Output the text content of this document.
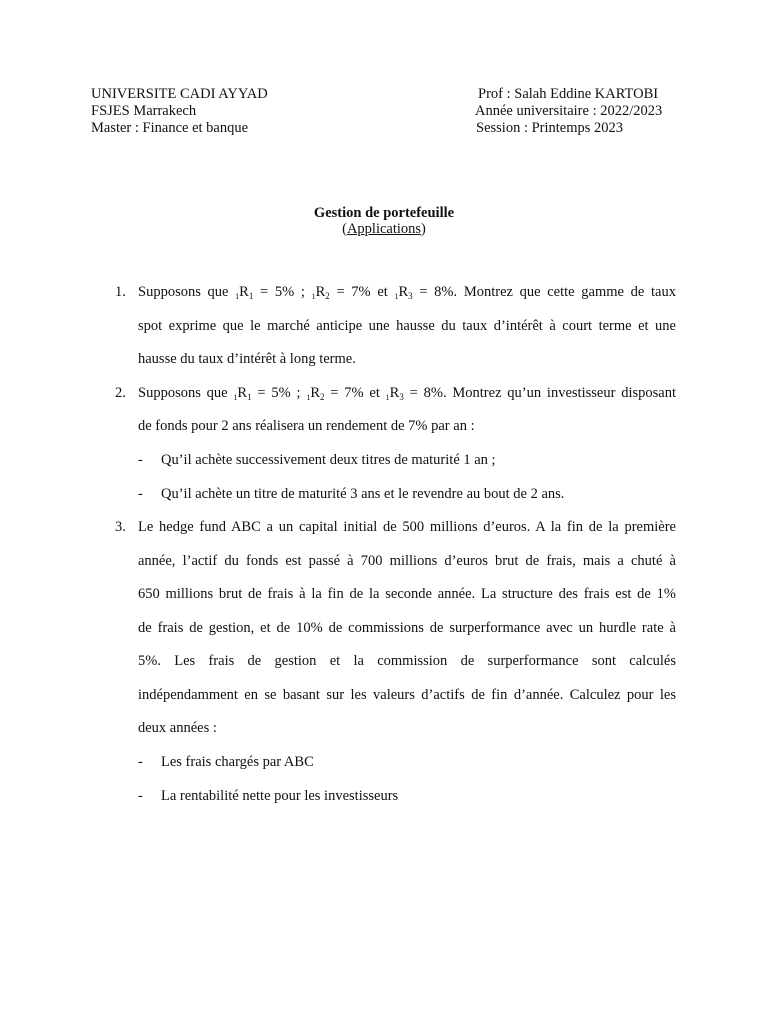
UNIVERSITE CADI AYYAD
FSJES Marrakech
Master : Finance et banque
Prof : Salah Eddine KARTOBI
Année universitaire : 2022/2023
Session : Printemps 2023
Gestion de portefeuille
(Applications)
1. Supposons que $1R_1 = 5\%$ ; $1R_2 = 7\%$ et $1R_3 = 8\%$. Montrez que cette gamme de taux
spot exprime que le marché anticipe une hausse du taux d’intérêt à court terme et une
hausse du taux d’intérêt à long terme.
2. Supposons que $1R_1 = 5\%$ ; $1R_2 = 7\%$ et $1R_3 = 8\%$. Montrez qu’un investisseur disposant
de fonds pour 2 ans réalisera un rendement de 7% par an :
- Qu’il achète successivement deux titres de maturité 1 an ;
- Qu’il achète un titre de maturité 3 ans et le revendre au bout de 2 ans.
3. Le hedge fund ABC a un capital initial de 500 millions d’euros. A la fin de la première
année, l’actif du fonds est passé à 700 millions d’euros brut de frais, mais a chuté à
650 millions brut de frais à la fin de la seconde année. La structure des frais est de 1%
de frais de gestion, et de 10% de commissions de surperformance avec un hurdle rate à
5%. Les frais de gestion et la commission de surperformance sont calculés
indépendamment en se basant sur les valeurs d’actifs de fin d’année. Calculez pour les
deux années :
- Les frais chargés par ABC
- La rentabilité nette pour les investisseurs
